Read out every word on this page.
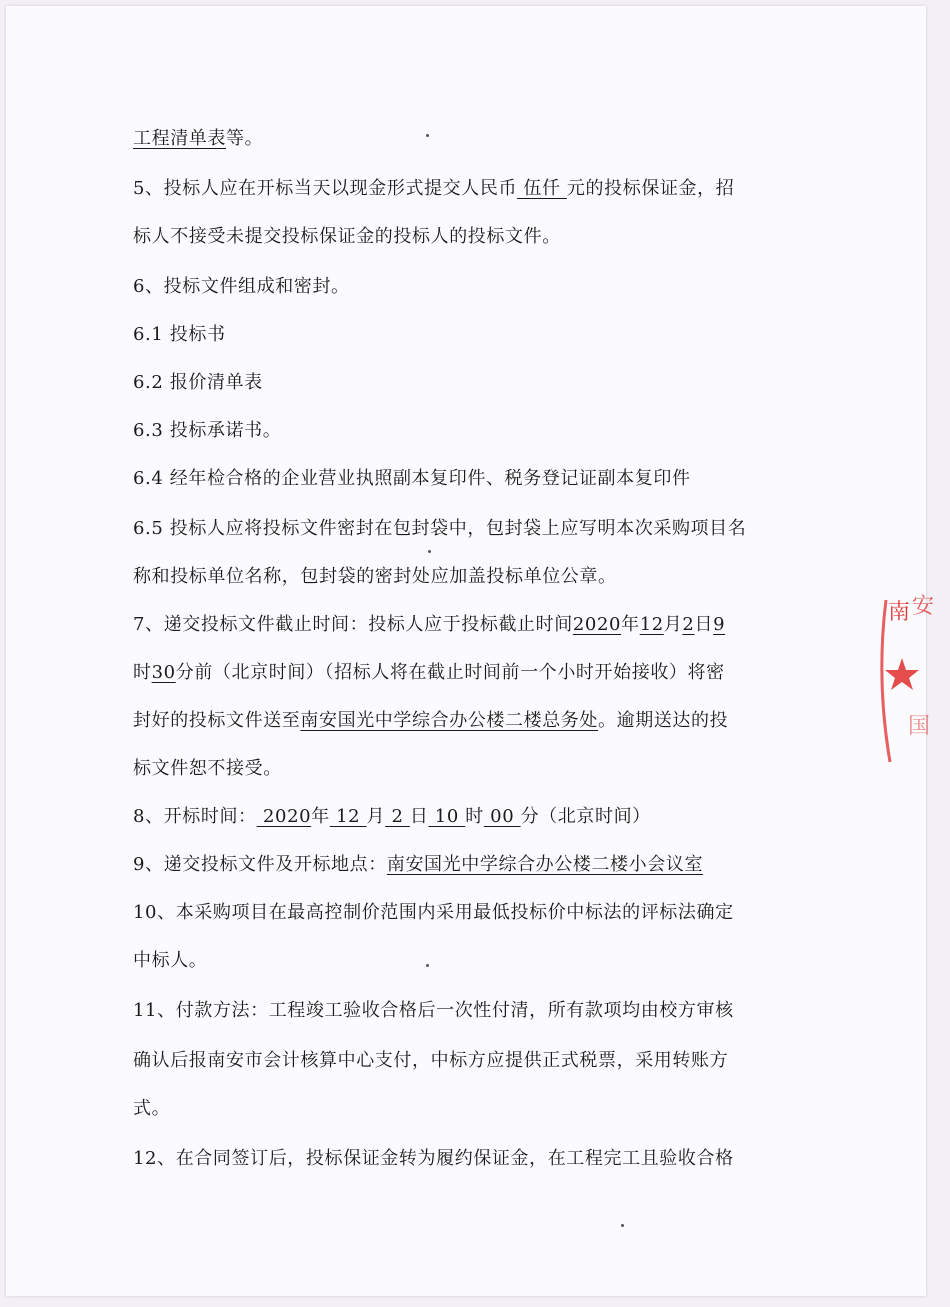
工程清单表等。
5、投标人应在开标当天以现金形式提交人民币 伍仟 元的投标保证金，招
标人不接受未提交投标保证金的投标人的投标文件。
6、投标文件组成和密封。
6.1 投标书
6.2 报价清单表
6.3 投标承诺书。
6.4 经年检合格的企业营业执照副本复印件、税务登记证副本复印件
6.5 投标人应将投标文件密封在包封袋中，包封袋上应写明本次采购项目名
称和投标单位名称，包封袋的密封处应加盖投标单位公章。
7、递交投标文件截止时间：投标人应于投标截止时间2020年12月2日9
时30分前（北京时间）（招标人将在截止时间前一个小时开始接收）将密
封好的投标文件送至南安国光中学综合办公楼二楼总务处。逾期送达的投
标文件恕不接受。
8、开标时间： 2020年 12 月 2 日 10 时 00 分（北京时间）
9、递交投标文件及开标地点：南安国光中学综合办公楼二楼小会议室
10、本采购项目在最高控制价范围内采用最低投标价中标法的评标法确定
中标人。
11、付款方法：工程竣工验收合格后一次性付清，所有款项均由校方审核
确认后报南安市会计核算中心支付，中标方应提供正式税票，采用转账方
式。
12、在合同签订后，投标保证金转为履约保证金，在工程完工且验收合格
南 安
国
